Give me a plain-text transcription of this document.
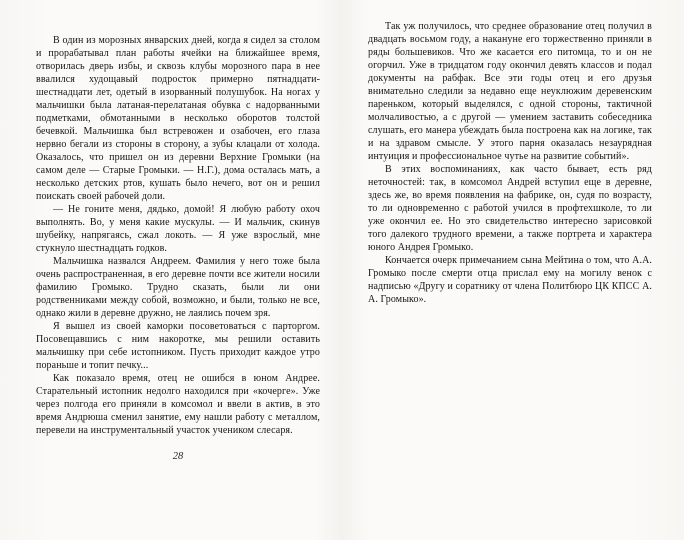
В один из морозных январских дней, когда я сидел за столом и прорабатывал план работы ячейки на ближайшее время, отворилась дверь избы, и сквозь клубы морозного пара в нее ввалился худощавый подросток примерно пятнадцати-шестнадцати лет, одетый в изорванный полушубок. На ногах у мальчишки была латаная-перелатаная обувка с надорванными подметками, обмотанными в несколько оборотов толстой бечевкой. Мальчишка был встревожен и озабочен, его глаза нервно бегали из стороны в сторону, а зубы клацали от холода. Оказалось, что пришел он из деревни Верхние Громыки (на самом деле — Старые Громыки. — Н.Г.), дома осталась мать, а несколько детских ртов, кушать было нечего, вот он и решил поискать своей рабочей доли.

— Не гоните меня, дядько, домой! Я любую работу охоч выполнять. Во, у меня какие мускулы. — И мальчик, скинув шубейку, напрягаясь, сжал локоть. — Я уже взрослый, мне стукнуло шестнадцать годков.

Мальчишка назвался Андреем. Фамилия у него тоже была очень распространенная, в его деревне почти все жители носили фамилию Громыко. Трудно сказать, были ли они родственниками между собой, возможно, и были, только не все, однако жили в деревне дружно, не лаялись почем зря.

Я вышел из своей каморки посоветоваться с парторгом. Посовещавшись с ним накоротке, мы решили оставить мальчишку при себе истопником. Пусть приходит каждое утро пораньше и топит печку...

Как показало время, отец не ошибся в юном Андрее. Старательный истопник недолго находился при «кочерге». Уже через полгода его приняли в комсомол и ввели в актив, в это время Андрюша сменил занятие, ему нашли работу с металлом, перевели на инструментальный участок учеником слесаря.

28

Так уж получилось, что среднее образование отец получил в двадцать восьмом году, а накануне его торжественно приняли в ряды большевиков. Что же касается его питомца, то и он не огорчил. Уже в тридцатом году окончил девять классов и подал документы на рабфак. Все эти годы отец и его друзья внимательно следили за недавно еще неуклюжим деревенским пареньком, который выделялся, с одной стороны, тактичной молчаливостью, а с другой — умением заставить собеседника слушать, его манера убеждать была построена как на логике, так и на здравом смысле. У этого парня оказалась незаурядная интуиция и профессиональное чутье на развитие событий».

В этих воспоминаниях, как часто бывает, есть ряд неточностей: так, в комсомол Андрей вступил еще в деревне, здесь же, во время появления на фабрике, он, судя по возрасту, то ли одновременно с работой учился в профтехшколе, то ли уже окончил ее. Но это свидетельство интересно зарисовкой того далекого трудного времени, а также портрета и характера юного Андрея Громыко.

Кончается очерк примечанием сына Мейтина о том, что А.А. Громыко после смерти отца прислал ему на могилу венок с надписью «Другу и соратнику от члена Политбюро ЦК КПСС А. А. Громыко».
